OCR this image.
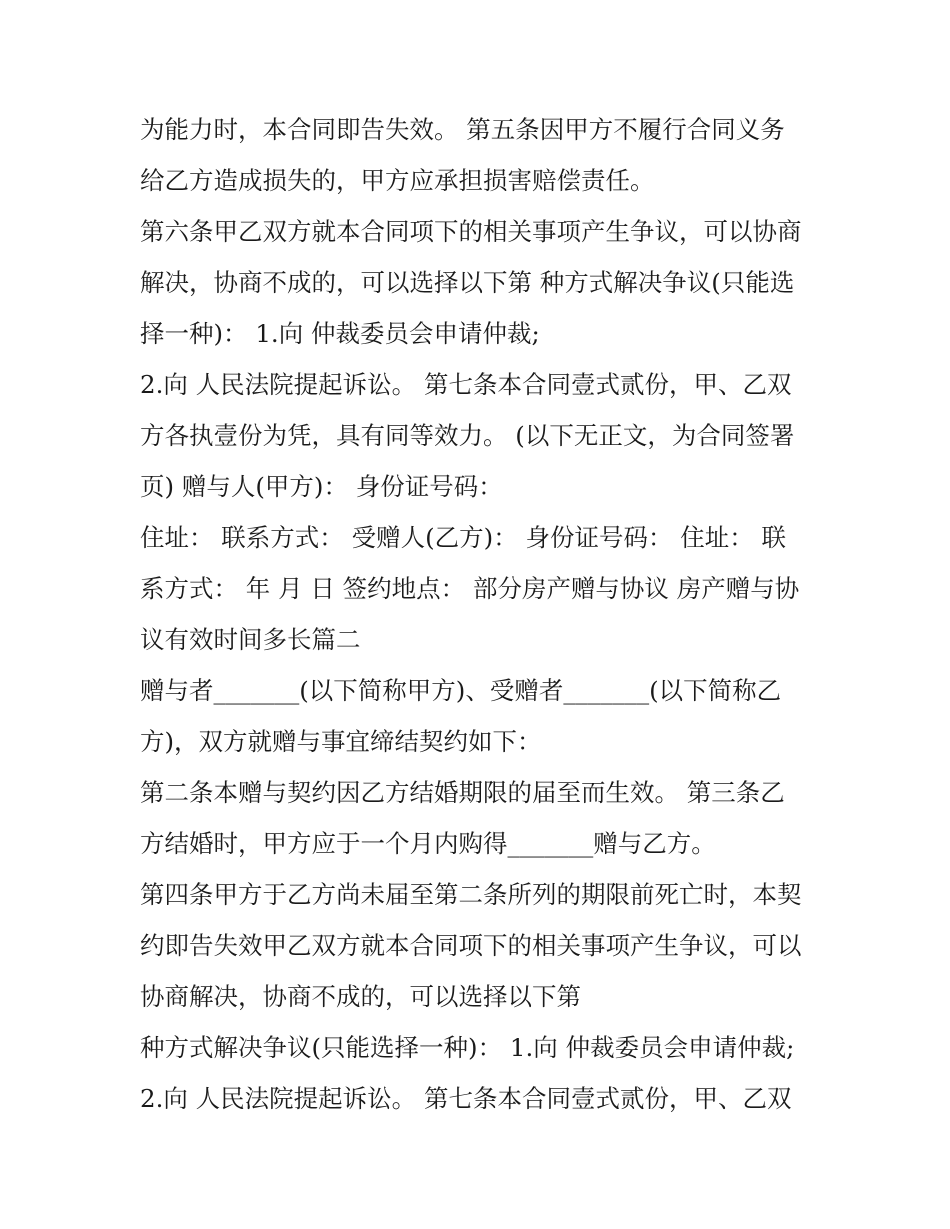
为能力时，本合同即告失效。 第五条因甲方不履行合同义务

给乙方造成损失的，甲方应承担损害赔偿责任。

第六条甲乙双方就本合同项下的相关事项产生争议，可以协商

解决，协商不成的，可以选择以下第 种方式解决争议(只能选

择一种)： 1.向 仲裁委员会申请仲裁;

2.向 人民法院提起诉讼。 第七条本合同壹式贰份，甲、乙双

方各执壹份为凭，具有同等效力。 (以下无正文，为合同签署

页) 赠与人(甲方)： 身份证号码：

住址： 联系方式： 受赠人(乙方)： 身份证号码： 住址： 联

系方式： 年 月 日 签约地点： 部分房产赠与协议 房产赠与协

议有效时间多长篇二

赠与者_______(以下简称甲方)、受赠者_______(以下简称乙

方)，双方就赠与事宜缔结契约如下：

第二条本赠与契约因乙方结婚期限的届至而生效。 第三条乙

方结婚时，甲方应于一个月内购得_______赠与乙方。

第四条甲方于乙方尚未届至第二条所列的期限前死亡时，本契

约即告失效甲乙双方就本合同项下的相关事项产生争议，可以

协商解决，协商不成的，可以选择以下第

种方式解决争议(只能选择一种)： 1.向 仲裁委员会申请仲裁;

2.向 人民法院提起诉讼。 第七条本合同壹式贰份，甲、乙双
